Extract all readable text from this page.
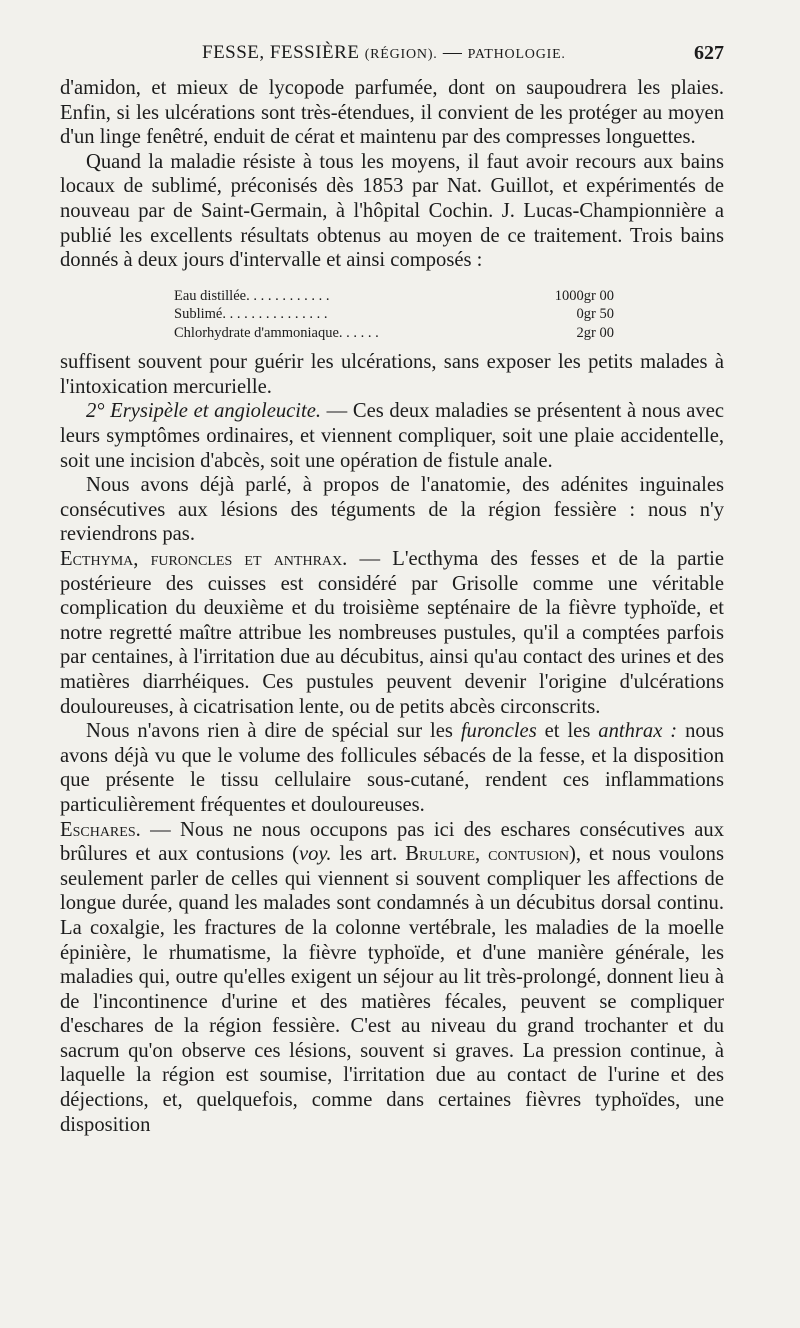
FESSE, FESSIÈRE (RÉGION). — PATHOLOGIE.	627

d'amidon, et mieux de lycopode parfumée, dont on saupoudrera les plaies. Enfin, si les ulcérations sont très-étendues, il convient de les protéger au moyen d'un linge fenêtré, enduit de cérat et maintenu par des compresses longuettes.

Quand la maladie résiste à tous les moyens, il faut avoir recours aux bains locaux de sublimé, préconisés dès 1853 par Nat. Guillot, et expérimentés de nouveau par de Saint-Germain, à l'hôpital Cochin. J. Lucas-Championnière a publié les excellents résultats obtenus au moyen de ce traitement. Trois bains donnés à deux jours d'intervalle et ainsi composés :

Eau distillée. . . . . . . . . . . .	1000gr 00
Sublimé. . . . . . . . . . . . . . .	0gr 50
Chlorhydrate d'ammoniaque. . . . . .	2gr 00

suffisent souvent pour guérir les ulcérations, sans exposer les petits malades à l'intoxication mercurielle.

2° Erysipèle et angioleucite. — Ces deux maladies se présentent à nous avec leurs symptômes ordinaires, et viennent compliquer, soit une plaie accidentelle, soit une incision d'abcès, soit une opération de fistule anale.

Nous avons déjà parlé, à propos de l'anatomie, des adénites inguinales consécutives aux lésions des téguments de la région fessière : nous n'y reviendrons pas.

Ecthyma, furoncles et anthrax. — L'ecthyma des fesses et de la partie postérieure des cuisses est considéré par Grisolle comme une véritable complication du deuxième et du troisième septénaire de la fièvre typhoïde, et notre regretté maître attribue les nombreuses pustules, qu'il a comptées parfois par centaines, à l'irritation due au décubitus, ainsi qu'au contact des urines et des matières diarrhéiques. Ces pustules peuvent devenir l'origine d'ulcérations douloureuses, à cicatrisation lente, ou de petits abcès circonscrits.

Nous n'avons rien à dire de spécial sur les furoncles et les anthrax : nous avons déjà vu que le volume des follicules sébacés de la fesse, et la disposition que présente le tissu cellulaire sous-cutané, rendent ces inflammations particulièrement fréquentes et douloureuses.

Eschares. — Nous ne nous occupons pas ici des eschares consécutives aux brûlures et aux contusions (voy. les art. Brulure, contusion), et nous voulons seulement parler de celles qui viennent si souvent compliquer les affections de longue durée, quand les malades sont condamnés à un décubitus dorsal continu. La coxalgie, les fractures de la colonne vertébrale, les maladies de la moelle épinière, le rhumatisme, la fièvre typhoïde, et d'une manière générale, les maladies qui, outre qu'elles exigent un séjour au lit très-prolongé, donnent lieu à de l'incontinence d'urine et des matières fécales, peuvent se compliquer d'eschares de la région fessière. C'est au niveau du grand trochanter et du sacrum qu'on observe ces lésions, souvent si graves. La pression continue, à laquelle la région est soumise, l'irritation due au contact de l'urine et des déjections, et, quelquefois, comme dans certaines fièvres typhoïdes, une disposition
